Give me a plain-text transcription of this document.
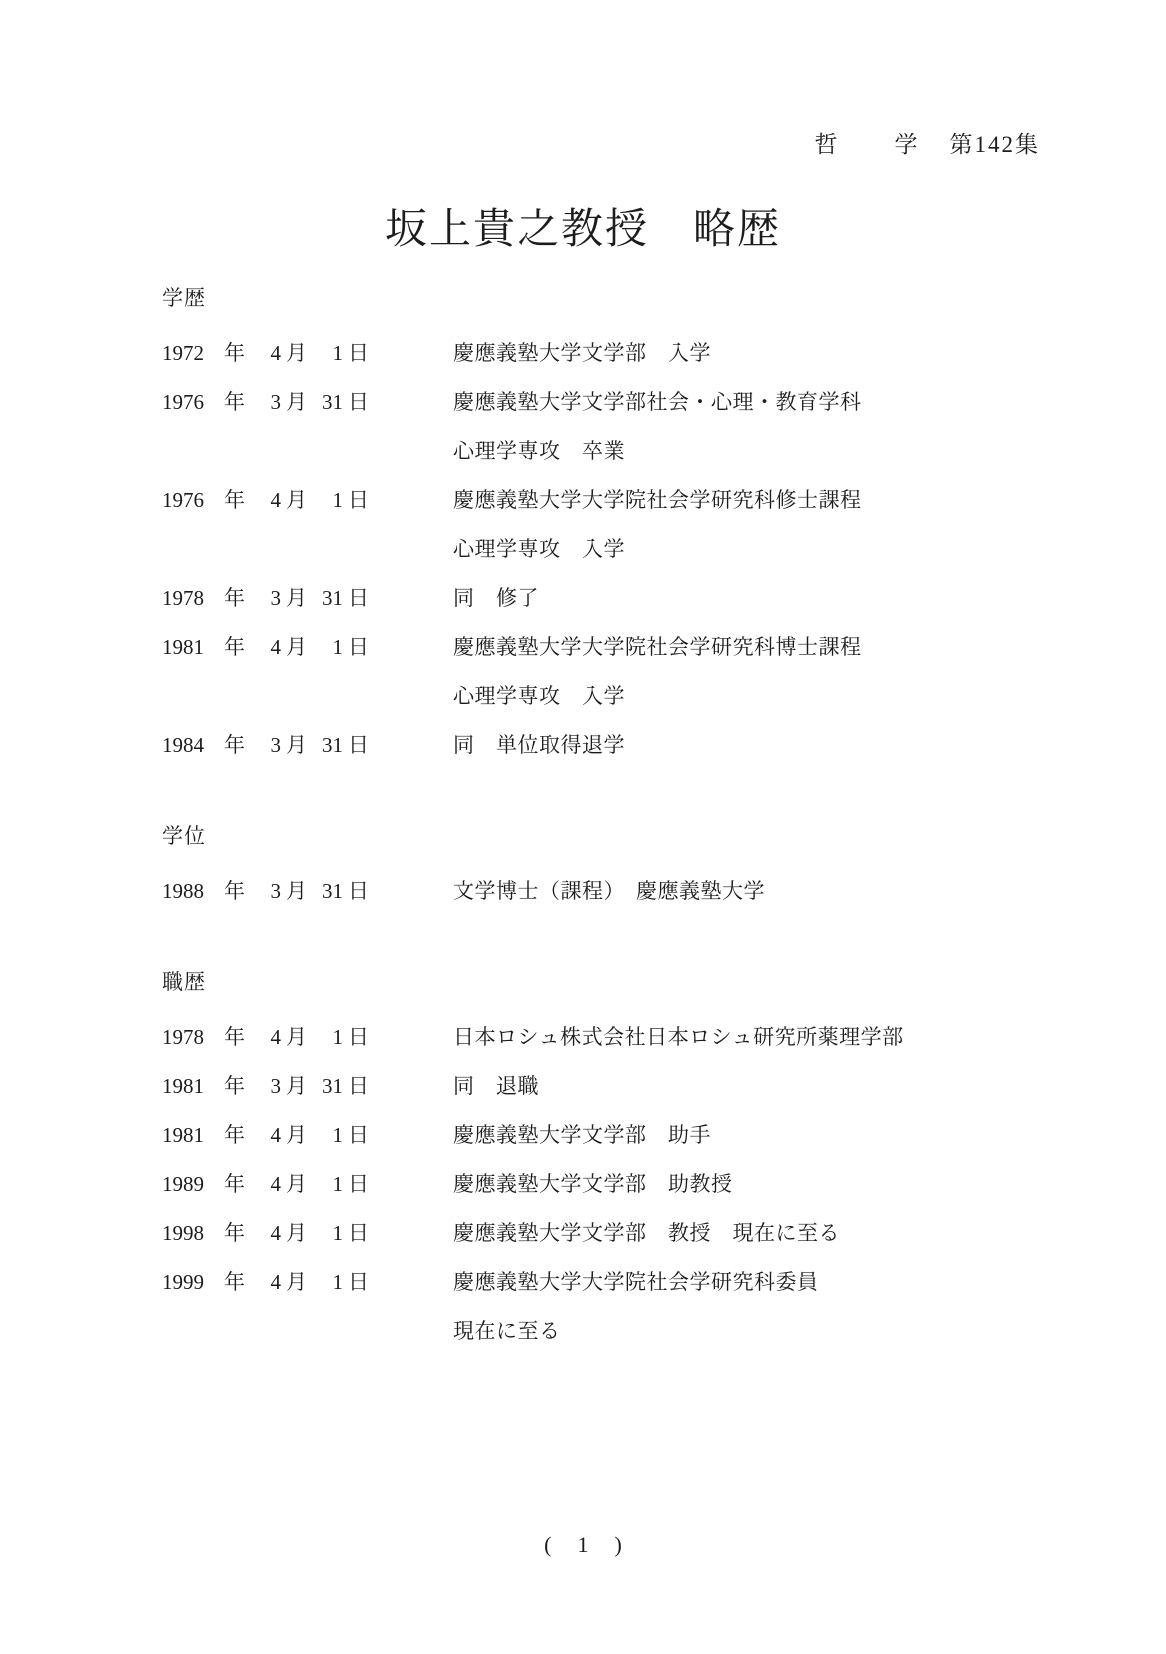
哲 学 第142集
坂上貴之教授　略歴
学歴
1972 年	4 月	1 日	慶應義塾大学文学部　入学
1976 年	3 月 31 日	慶應義塾大学文学部社会・心理・教育学科
心理学専攻　卒業
1976 年	4 月	1 日	慶應義塾大学大学院社会学研究科修士課程
心理学専攻　入学
1978 年	3 月 31 日	同　修了
1981 年	4 月	1 日	慶應義塾大学大学院社会学研究科博士課程
心理学専攻　入学
1984 年	3 月 31 日	同　単位取得退学
学位
1988 年	3 月 31 日	文学博士（課程）　慶應義塾大学
職歴
1978 年	4 月	1 日	日本ロシュ株式会社日本ロシュ研究所薬理学部
1981 年	3 月 31 日	同　退職
1981 年	4 月	1 日	慶應義塾大学文学部　助手
1989 年	4 月	1 日	慶應義塾大学文学部　助教授
1998 年	4 月	1 日	慶應義塾大学文学部　教授　現在に至る
1999 年	4 月	1 日	慶應義塾大学大学院社会学研究科委員
現在に至る
( 1 )
